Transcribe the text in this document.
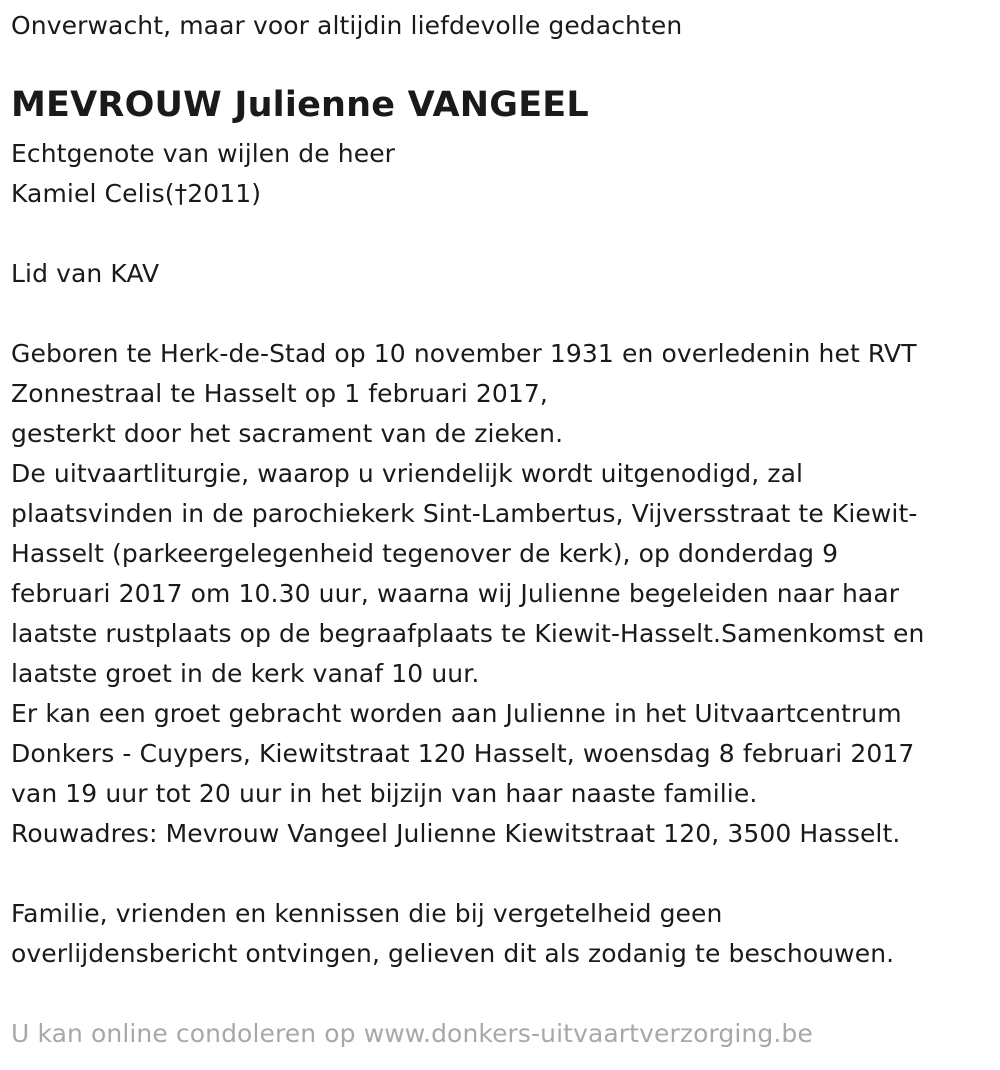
Onverwacht, maar voor altijdin liefdevolle gedachten
MEVROUW Julienne VANGEEL
Echtgenote van wijlen de heer
Kamiel Celis(†2011)
Lid van KAV
Geboren te Herk-de-Stad op 10 november 1931 en overledenin het RVT
Zonnestraal te Hasselt op 1 februari 2017,
gesterkt door het sacrament van de zieken.
De uitvaartliturgie, waarop u vriendelijk wordt uitgenodigd, zal
plaatsvinden in de parochiekerk Sint-Lambertus, Vijversstraat te Kiewit-
Hasselt (parkeergelegenheid tegenover de kerk), op donderdag 9
februari 2017 om 10.30 uur, waarna wij Julienne begeleiden naar haar
laatste rustplaats op de begraafplaats te Kiewit-Hasselt.Samenkomst en
laatste groet in de kerk vanaf 10 uur.
Er kan een groet gebracht worden aan Julienne in het Uitvaartcentrum
Donkers - Cuypers, Kiewitstraat 120 Hasselt, woensdag 8 februari 2017
van 19 uur tot 20 uur in het bijzijn van haar naaste familie.
Rouwadres: Mevrouw Vangeel Julienne Kiewitstraat 120, 3500 Hasselt.
Familie, vrienden en kennissen die bij vergetelheid geen
overlijdensbericht ontvingen, gelieven dit als zodanig te beschouwen.
U kan online condoleren op www.donkers-uitvaartverzorging.be
